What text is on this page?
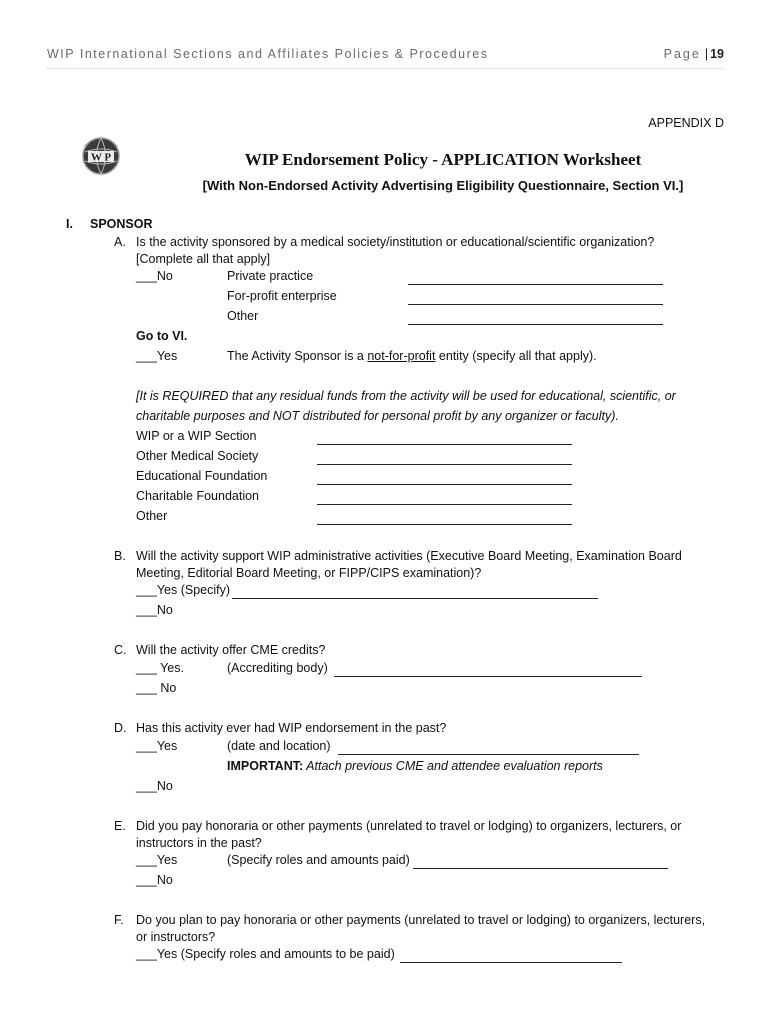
WIP International Sections and Affiliates Policies & Procedures	Page | 19
APPENDIX D
W P	WIP Endorsement Policy - APPLICATION Worksheet
[With Non-Endorsed Activity Advertising Eligibility Questionnaire, Section VI.]
I. SPONSOR
A. Is the activity sponsored by a medical society/institution or educational/scientific organization?
[Complete all that apply]
___No	Private practice
For-profit enterprise
Other
Go to VI.
___Yes	The Activity Sponsor is a not-for-profit entity (specify all that apply).
[It is REQUIRED that any residual funds from the activity will be used for educational, scientific, or
charitable purposes and NOT distributed for personal profit by any organizer or faculty).
WIP or a WIP Section
Other Medical Society
Educational Foundation
Charitable Foundation
Other
B. Will the activity support WIP administrative activities (Executive Board Meeting, Examination Board
Meeting, Editorial Board Meeting, or FIPP/CIPS examination)?
___Yes (Specify)
___No
C. Will the activity offer CME credits?
___ Yes.	(Accrediting body)
___ No
D. Has this activity ever had WIP endorsement in the past?
___Yes	(date and location)
IMPORTANT: Attach previous CME and attendee evaluation reports
___No
E. Did you pay honoraria or other payments (unrelated to travel or lodging) to organizers, lecturers, or
instructors in the past?
___Yes	(Specify roles and amounts paid)
___No
F. Do you plan to pay honoraria or other payments (unrelated to travel or lodging) to organizers, lecturers,
or instructors?
___Yes (Specify roles and amounts to be paid)
